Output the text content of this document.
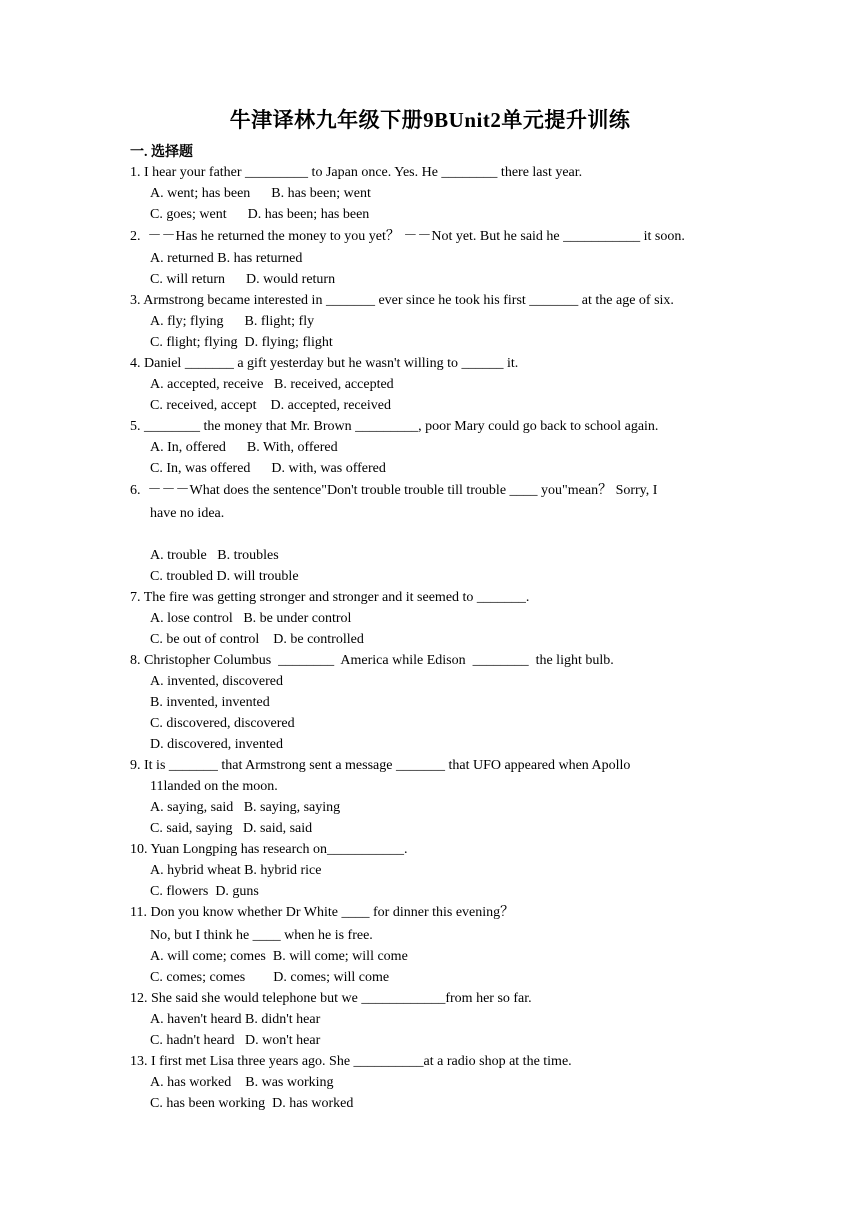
牛津译林九年级下册9BUnit2单元提升训练
一. 选择题
1. I hear your father _________ to Japan once. Yes. He ________ there last year.
A. went; has been      B. has been; went
C. goes; went      D. has been; has been
2.  －－Has he returned the money to you yet？ －－Not yet. But he said he ___________ it soon.
A. returned B. has returned
C. will return      D. would return
3. Armstrong became interested in _______ ever since he took his first _______ at the age of six.
A. fly; flying      B. flight; fly
C. flight; flying  D. flying; flight
4. Daniel _______ a gift yesterday but he wasn't willing to ______ it.
A. accepted, receive   B. received, accepted
C. received, accept    D. accepted, received
5. ________ the money that Mr. Brown _________, poor Mary could go back to school again.
A. In, offered      B. With, offered
C. In, was offered      D. with, was offered
6.  －－－What does the sentence"Don't trouble trouble till trouble ____ you"mean？ Sorry, I
have no idea.
A. trouble   B. troubles
C. troubled D. will trouble
7. The fire was getting stronger and stronger and it seemed to _______.
A. lose control   B. be under control
C. be out of control    D. be controlled
8. Christopher Columbus  ________  America while Edison  ________  the light bulb.
A. invented, discovered
B. invented, invented
C. discovered, discovered
D. discovered, invented
9. It is _______ that Armstrong sent a message _______ that UFO appeared when Apollo
11landed on the moon.
A. saying, said   B. saying, saying
C. said, saying   D. said, said
10. Yuan Longping has research on___________.
A. hybrid wheat B. hybrid rice
C. flowers  D. guns
11. Don you know whether Dr White ____ for dinner this evening？
No, but I think he ____ when he is free.
A. will come; comes  B. will come; will come
C. comes; comes        D. comes; will come
12. She said she would telephone but we ____________from her so far.
A. haven't heard B. didn't hear
C. hadn't heard   D. won't hear
13. I first met Lisa three years ago. She __________at a radio shop at the time.
A. has worked    B. was working
C. has been working  D. has worked
